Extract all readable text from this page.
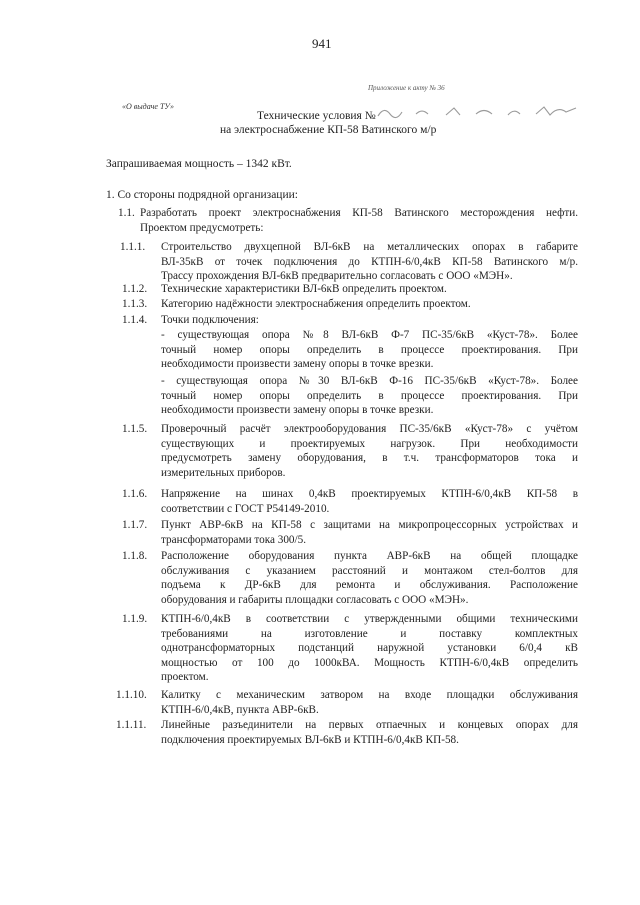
941
Приложение к акту № 36
«О выдаче ТУ»
Технические условия №
на электроснабжение КП-58 Ватинского м/р
Запрашиваемая мощность – 1342 кВт.
1. Со стороны подрядной организации:
1.1. Разработать проект электроснабжения КП-58 Ватинского месторождения нефти.
Проектом предусмотреть:
1.1.1. Строительство двухцепной ВЛ-6кВ на металлических опорах в габарите
ВЛ-35кВ от точек подключения до КТПН-6/0,4кВ КП-58 Ватинского м/р.
Трассу прохождения ВЛ-6кВ предварительно согласовать с ООО «МЭН».
1.1.2. Технические характеристики ВЛ-6кВ определить проектом.
1.1.3. Категорию надёжности электроснабжения определить проектом.
1.1.4. Точки подключения:
1.1.5. Проверочный расчёт электрооборудования ПС-35/6кВ «Куст-78» с учётом
существующих и проектируемых нагрузок. При необходимости
предусмотреть замену оборудования, в т.ч. трансформаторов тока и
измерительных приборов.
1.1.6. Напряжение на шинах 0,4кВ проектируемых КТПН-6/0,4кВ КП-58 в
соответствии с ГОСТ Р54149-2010.
1.1.7. Пункт АВР-6кВ на КП-58 с защитами на микропроцессорных устройствах и
трансформаторами тока 300/5.
1.1.8. Расположение оборудования пункта АВР-6кВ на общей площадке
обслуживания с указанием расстояний и монтажом стел-болтов для
подъема к ДР-6кВ для ремонта и обслуживания. Расположение
оборудования и габариты площадки согласовать с ООО «МЭН».
1.1.9. КТПН-6/0,4кВ в соответствии с утвержденными общими техническими
требованиями на изготовление и поставку комплектных
однотрансформаторных подстанций наружной установки 6/0,4 кВ
мощностью от 100 до 1000кВА. Мощность КТПН-6/0,4кВ определить
проектом.
1.1.10. Калитку с механическим затвором на входе площадки обслуживания
КТПН-6/0,4кВ, пункта АВР-6кВ.
1.1.11. Линейные разъединители на первых отпаечных и концевых опорах для
подключения проектируемых ВЛ-6кВ и КТПН-6/0,4кВ КП-58.
- существующая опора №8 ВЛ-6кВ Ф-7 ПС-35/6кВ «Куст-78». Более
точный номер опоры определить в процессе проектирования. При
необходимости произвести замену опоры в точке врезки.
- существующая опора №30 ВЛ-6кВ Ф-16 ПС-35/6кВ «Куст-78». Более
точный номер опоры определить в процессе проектирования. При
необходимости произвести замену опоры в точке врезки.
